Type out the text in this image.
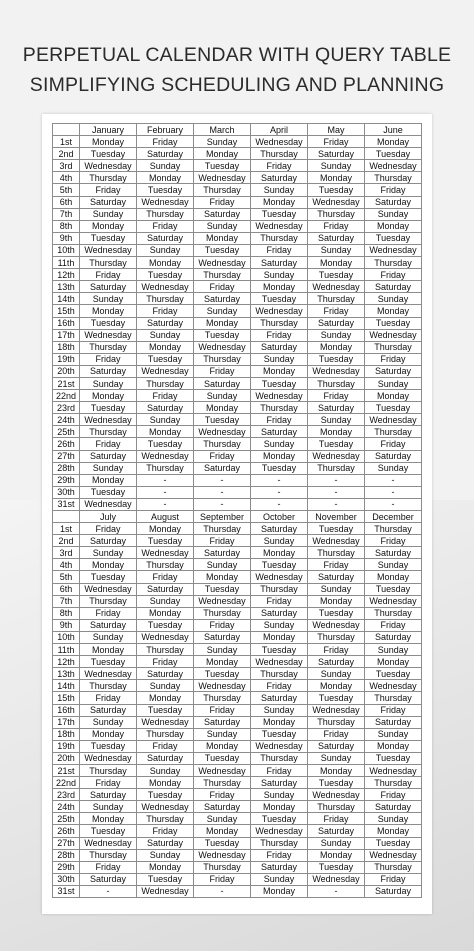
PERPETUAL CALENDAR WITH QUERY TABLE
SIMPLIFYING SCHEDULING AND PLANNING
	January	February	March	April	May	June
1st	Monday	Friday	Sunday	Wednesday	Friday	Monday
2nd	Tuesday	Saturday	Monday	Thursday	Saturday	Tuesday
3rd	Wednesday	Sunday	Tuesday	Friday	Sunday	Wednesday
4th	Thursday	Monday	Wednesday	Saturday	Monday	Thursday
5th	Friday	Tuesday	Thursday	Sunday	Tuesday	Friday
6th	Saturday	Wednesday	Friday	Monday	Wednesday	Saturday
7th	Sunday	Thursday	Saturday	Tuesday	Thursday	Sunday
8th	Monday	Friday	Sunday	Wednesday	Friday	Monday
9th	Tuesday	Saturday	Monday	Thursday	Saturday	Tuesday
10th	Wednesday	Sunday	Tuesday	Friday	Sunday	Wednesday
11th	Thursday	Monday	Wednesday	Saturday	Monday	Thursday
12th	Friday	Tuesday	Thursday	Sunday	Tuesday	Friday
13th	Saturday	Wednesday	Friday	Monday	Wednesday	Saturday
14th	Sunday	Thursday	Saturday	Tuesday	Thursday	Sunday
15th	Monday	Friday	Sunday	Wednesday	Friday	Monday
16th	Tuesday	Saturday	Monday	Thursday	Saturday	Tuesday
17th	Wednesday	Sunday	Tuesday	Friday	Sunday	Wednesday
18th	Thursday	Monday	Wednesday	Saturday	Monday	Thursday
19th	Friday	Tuesday	Thursday	Sunday	Tuesday	Friday
20th	Saturday	Wednesday	Friday	Monday	Wednesday	Saturday
21st	Sunday	Thursday	Saturday	Tuesday	Thursday	Sunday
22nd	Monday	Friday	Sunday	Wednesday	Friday	Monday
23rd	Tuesday	Saturday	Monday	Thursday	Saturday	Tuesday
24th	Wednesday	Sunday	Tuesday	Friday	Sunday	Wednesday
25th	Thursday	Monday	Wednesday	Saturday	Monday	Thursday
26th	Friday	Tuesday	Thursday	Sunday	Tuesday	Friday
27th	Saturday	Wednesday	Friday	Monday	Wednesday	Saturday
28th	Sunday	Thursday	Saturday	Tuesday	Thursday	Sunday
29th	Monday	-	-	-	-	-
30th	Tuesday	-	-	-	-	-
31st	Wednesday	-	-	-	-	-
	July	August	September	October	November	December
1st	Friday	Monday	Thursday	Saturday	Tuesday	Thursday
2nd	Saturday	Tuesday	Friday	Sunday	Wednesday	Friday
3rd	Sunday	Wednesday	Saturday	Monday	Thursday	Saturday
4th	Monday	Thursday	Sunday	Tuesday	Friday	Sunday
5th	Tuesday	Friday	Monday	Wednesday	Saturday	Monday
6th	Wednesday	Saturday	Tuesday	Thursday	Sunday	Tuesday
7th	Thursday	Sunday	Wednesday	Friday	Monday	Wednesday
8th	Friday	Monday	Thursday	Saturday	Tuesday	Thursday
9th	Saturday	Tuesday	Friday	Sunday	Wednesday	Friday
10th	Sunday	Wednesday	Saturday	Monday	Thursday	Saturday
11th	Monday	Thursday	Sunday	Tuesday	Friday	Sunday
12th	Tuesday	Friday	Monday	Wednesday	Saturday	Monday
13th	Wednesday	Saturday	Tuesday	Thursday	Sunday	Tuesday
14th	Thursday	Sunday	Wednesday	Friday	Monday	Wednesday
15th	Friday	Monday	Thursday	Saturday	Tuesday	Thursday
16th	Saturday	Tuesday	Friday	Sunday	Wednesday	Friday
17th	Sunday	Wednesday	Saturday	Monday	Thursday	Saturday
18th	Monday	Thursday	Sunday	Tuesday	Friday	Sunday
19th	Tuesday	Friday	Monday	Wednesday	Saturday	Monday
20th	Wednesday	Saturday	Tuesday	Thursday	Sunday	Tuesday
21st	Thursday	Sunday	Wednesday	Friday	Monday	Wednesday
22nd	Friday	Monday	Thursday	Saturday	Tuesday	Thursday
23rd	Saturday	Tuesday	Friday	Sunday	Wednesday	Friday
24th	Sunday	Wednesday	Saturday	Monday	Thursday	Saturday
25th	Monday	Thursday	Sunday	Tuesday	Friday	Sunday
26th	Tuesday	Friday	Monday	Wednesday	Saturday	Monday
27th	Wednesday	Saturday	Tuesday	Thursday	Sunday	Tuesday
28th	Thursday	Sunday	Wednesday	Friday	Monday	Wednesday
29th	Friday	Monday	Thursday	Saturday	Tuesday	Thursday
30th	Saturday	Tuesday	Friday	Sunday	Wednesday	Friday
31st	-	Wednesday	-	Monday	-	Saturday
